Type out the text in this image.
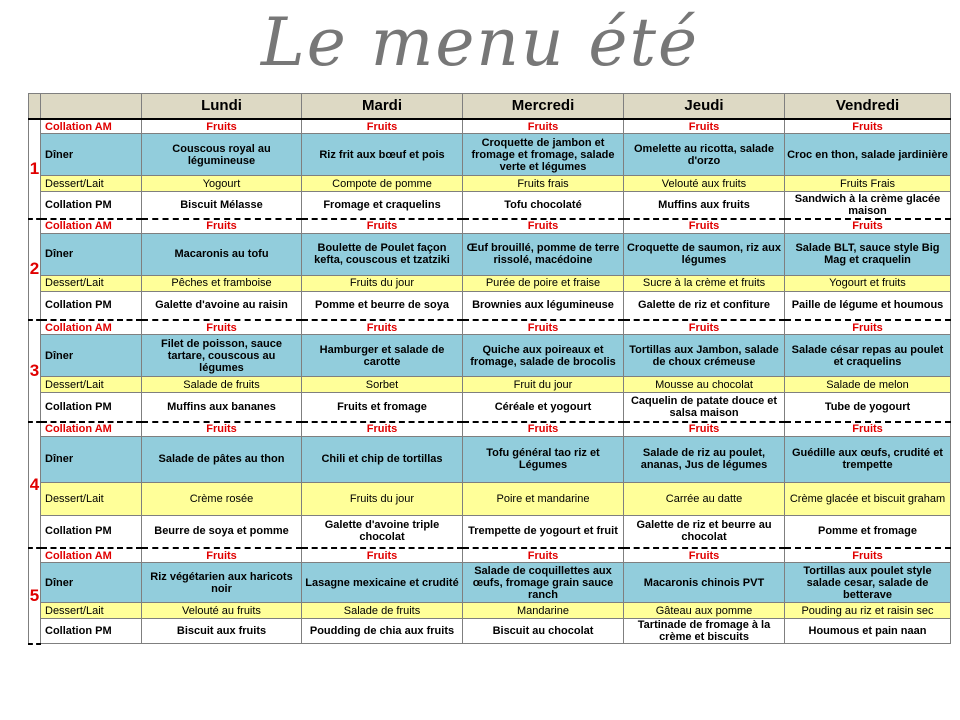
Le menu été
		Lundi	Mardi	Mercredi	Jeudi	Vendredi
1	Collation AM	Fruits	Fruits	Fruits	Fruits	Fruits
	Dîner	Couscous royal au légumineuse	Riz frit aux bœuf et pois	Croquette de jambon et fromage et fromage, salade verte et légumes	Omelette au ricotta, salade d'orzo	Croc en thon, salade jardinière
	Dessert/Lait	Yogourt	Compote de pomme	Fruits frais	Velouté aux fruits	Fruits Frais
	Collation PM	Biscuit Mélasse	Fromage et craquelins	Tofu chocolaté	Muffins aux fruits	Sandwich à la crème glacée maison
2	Collation AM	Fruits	Fruits	Fruits	Fruits	Fruits
	Dîner	Macaronis au tofu	Boulette de Poulet façon kefta, couscous et tzatziki	Œuf brouillé, pomme de terre rissolé, macédoine	Croquette de saumon, riz aux légumes	Salade BLT, sauce style Big Mag et craquelin
	Dessert/Lait	Pêches et framboise	Fruits du jour	Purée de poire et fraise	Sucre à la crème et fruits	Yogourt et fruits
	Collation PM	Galette d'avoine au raisin	Pomme et beurre de soya	Brownies aux légumineuse	Galette de riz et confiture	Paille de légume et houmous
3	Collation AM	Fruits	Fruits	Fruits	Fruits	Fruits
	Dîner	Filet de poisson, sauce tartare, couscous au légumes	Hamburger et salade de carotte	Quiche aux poireaux et fromage, salade de brocolis	Tortillas aux Jambon, salade de choux crémeuse	Salade césar repas au poulet et craquelins
	Dessert/Lait	Salade de fruits	Sorbet	Fruit du jour	Mousse au chocolat	Salade de melon
	Collation PM	Muffins aux bananes	Fruits et fromage	Céréale et yogourt	Caquelin de patate douce et salsa maison	Tube de yogourt
4	Collation AM	Fruits	Fruits	Fruits	Fruits	Fruits
	Dîner	Salade de pâtes au thon	Chili et chip de tortillas	Tofu général tao riz et Légumes	Salade de riz au poulet, ananas, Jus de légumes	Guédille aux œufs, crudité et trempette
	Dessert/Lait	Crème rosée	Fruits du jour	Poire et mandarine	Carrée au datte	Crème glacée et biscuit graham
	Collation PM	Beurre de soya et pomme	Galette d'avoine triple chocolat	Trempette de yogourt et fruit	Galette de riz et beurre au chocolat	Pomme et fromage
5	Collation AM	Fruits	Fruits	Fruits	Fruits	Fruits
	Dîner	Riz végétarien aux haricots noir	Lasagne mexicaine et crudité	Salade de coquillettes aux œufs, fromage grain sauce ranch	Macaronis chinois PVT	Tortillas aux poulet style salade cesar, salade de betterave
	Dessert/Lait	Velouté au fruits	Salade de fruits	Mandarine	Gâteau aux pomme	Pouding au riz et raisin sec
	Collation PM	Biscuit aux fruits	Poudding de chia aux fruits	Biscuit au chocolat	Tartinade de fromage à la crème et biscuits	Houmous et pain naan
